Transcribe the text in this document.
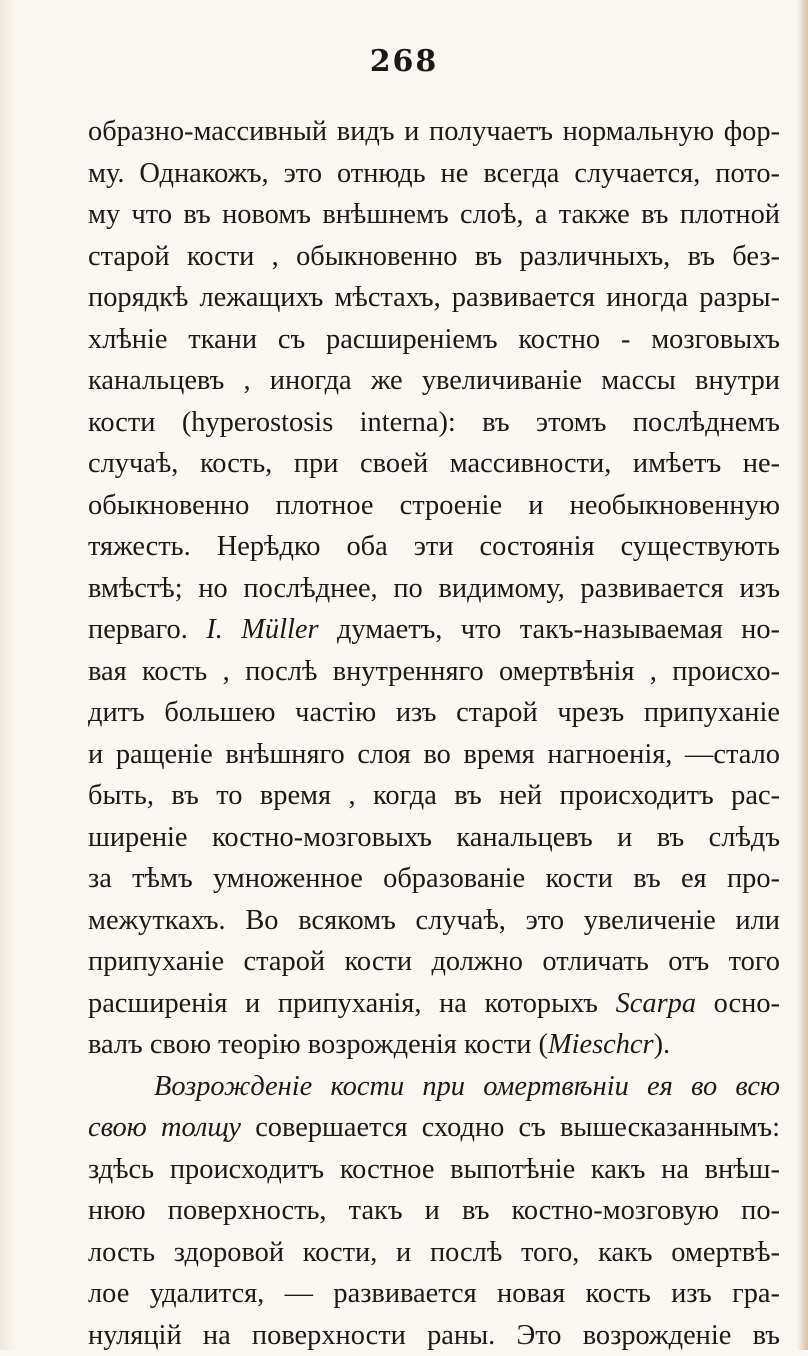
268
образно-массивный видъ и получаетъ нормальную фор-
му. Однакожъ, это отнюдь не всегда случается, пото-
му что въ новомъ внѣшнемъ слоѣ, а также въ плотной
старой кости , обыкновенно въ различныхъ, въ без-
порядкѣ лежащихъ мѣстахъ, развивается иногда разры-
хлѣніе ткани съ расширеніемъ костно - мозговыхъ
канальцевъ , иногда же увеличиваніе массы внутри
кости (hyperostosis interna): въ этомъ послѣднемъ
случаѣ, кость, при своей массивности, имѣетъ не-
обыкновенно плотное строеніе и необыкновенную
тяжесть. Нерѣдко оба эти состоянія существують
вмѣстѣ; но послѣднее, по видимому, развивается изъ
перваго. I. Müller думаетъ, что такъ-называемая но-
вая кость , послѣ внутренняго омертвѣнія , происхо-
дитъ большею частію изъ старой чрезъ припуханіе
и ращеніе внѣшняго слоя во время нагноенія, —стало
быть, въ то время , когда въ ней происходитъ рас-
ширеніе костно-мозговыхъ канальцевъ и въ слѣдъ
за тѣмъ умноженное образованіе кости въ ея про-
межуткахъ. Во всякомъ случаѣ, это увеличеніе или
припуханіе старой кости должно отличать отъ того
расширенія и припуханія, на которыхъ Scarpa осно-
валъ свою теорію возрожденія кости (Mieschcr).
Возрожденіе кости при омертвѣніи ея во всю
свою толщу совершается сходно съ вышесказаннымъ:
здѣсь происходитъ костное выпотѣніе какъ на внѣш-
нюю поверхность, такъ и въ костно-мозговую по-
лость здоровой кости, и послѣ того, какъ омертвѣ-
лое удалится, — развивается новая кость изъ гра-
нуляцій на поверхности раны. Это возрожденіе въ
